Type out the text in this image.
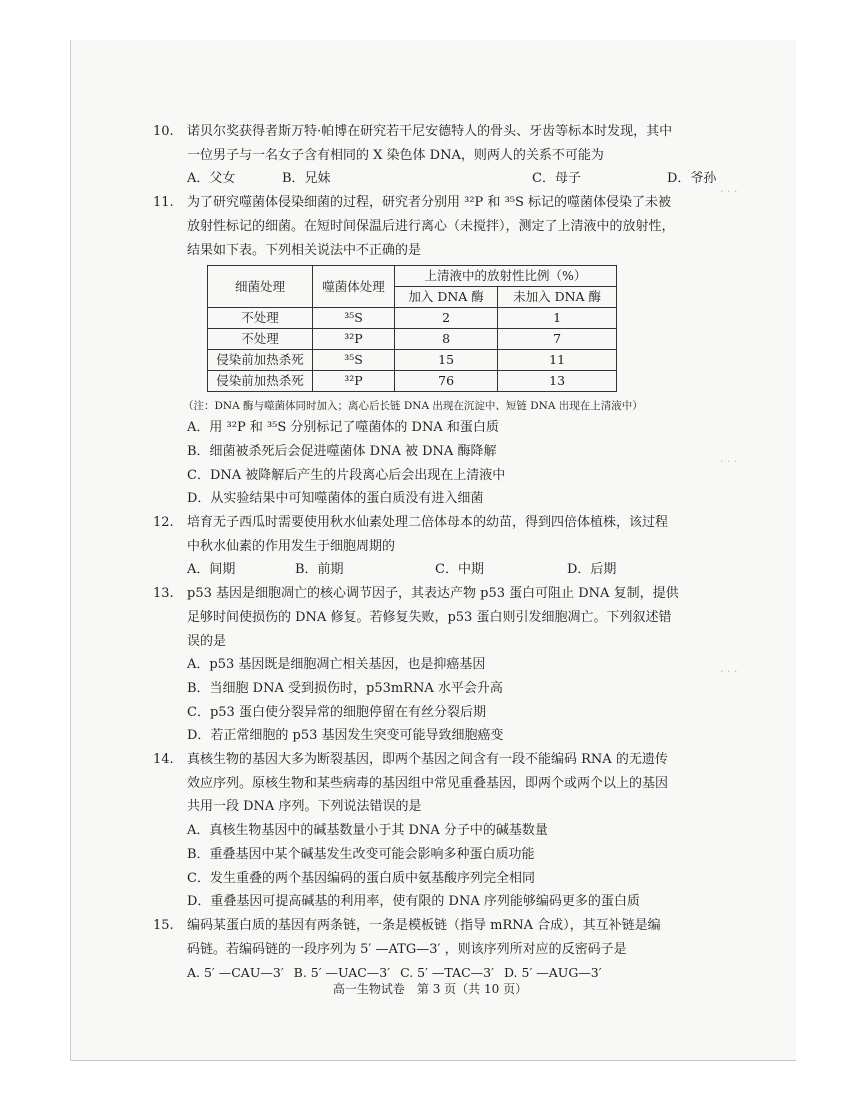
· · ·
· · ·
· · ·
10. 诺贝尔奖获得者斯万特·帕博在研究若干尼安德特人的骨头、牙齿等标本时发现，其中
一位男子与一名女子含有相同的 X 染色体 DNA，则两人的关系不可能为
A．父女	B．兄妹	C．母子	D．爷孙
11. 为了研究噬菌体侵染细菌的过程，研究者分别用 ³²P 和 ³⁵S 标记的噬菌体侵染了未被
放射性标记的细菌。在短时间保温后进行离心（未搅拌），测定了上清液中的放射性，
结果如下表。下列相关说法中不正确的是
细菌处理	噬菌体处理	上清液中的放射性比例（%）	
		加入 DNA 酶	未加入 DNA 酶
不处理	³⁵S	2	1
不处理	³²P	8	7
侵染前加热杀死	³⁵S	15	11
侵染前加热杀死	³²P	76	13
（注：DNA 酶与噬菌体同时加入；离心后长链 DNA 出现在沉淀中、短链 DNA 出现在上清液中）
A．用 ³²P 和 ³⁵S 分别标记了噬菌体的 DNA 和蛋白质
B．细菌被杀死后会促进噬菌体 DNA 被 DNA 酶降解
C．DNA 被降解后产生的片段离心后会出现在上清液中
D．从实验结果中可知噬菌体的蛋白质没有进入细菌
12. 培育无子西瓜时需要使用秋水仙素处理二倍体母本的幼苗，得到四倍体植株，该过程
中秋水仙素的作用发生于细胞周期的
A．间期	B．前期	C．中期	D．后期
13. p53 基因是细胞凋亡的核心调节因子，其表达产物 p53 蛋白可阻止 DNA 复制，提供
足够时间使损伤的 DNA 修复。若修复失败，p53 蛋白则引发细胞凋亡。下列叙述错
误的是
A．p53 基因既是细胞凋亡相关基因，也是抑癌基因
B．当细胞 DNA 受到损伤时，p53mRNA 水平会升高
C．p53 蛋白使分裂异常的细胞停留在有丝分裂后期
D．若正常细胞的 p53 基因发生突变可能导致细胞癌变
14. 真核生物的基因大多为断裂基因，即两个基因之间含有一段不能编码 RNA 的无遗传
效应序列。原核生物和某些病毒的基因组中常见重叠基因，即两个或两个以上的基因
共用一段 DNA 序列。下列说法错误的是
A．真核生物基因中的碱基数量小于其 DNA 分子中的碱基数量
B．重叠基因中某个碱基发生改变可能会影响多种蛋白质功能
C．发生重叠的两个基因编码的蛋白质中氨基酸序列完全相同
D．重叠基因可提高碱基的利用率，使有限的 DNA 序列能够编码更多的蛋白质
15. 编码某蛋白质的基因有两条链，一条是模板链（指导 mRNA 合成），其互补链是编
码链。若编码链的一段序列为 5′ —ATG—3′ ，则该序列所对应的反密码子是
A. 5′ —CAU—3′ B. 5′ —UAC—3′ C. 5′ —TAC—3′ D. 5′ —AUG—3′
高一生物试卷　第 3 页（共 10 页）
